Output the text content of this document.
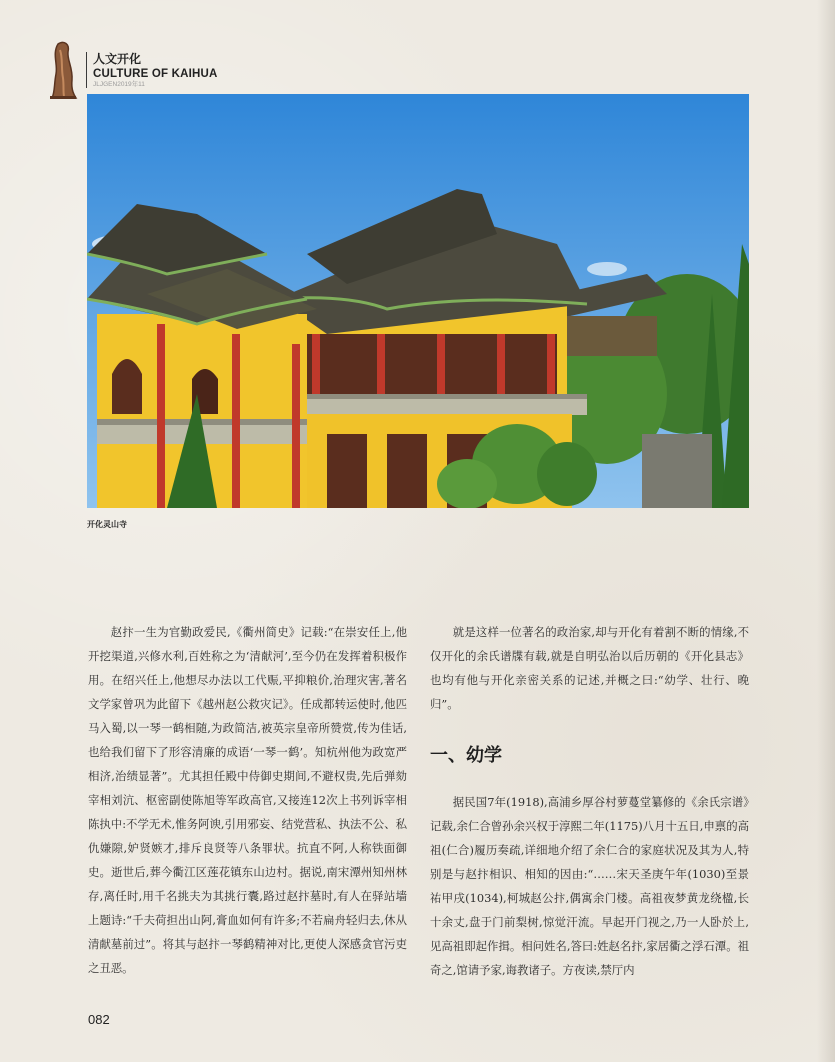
人文开化
CULTURE OF KAIHUA
JLJGEN2019年11
开化灵山寺

赵抃一生为官勤政爱民,《衢州简史》记载:“在崇安任上,他开挖渠道,兴修水利,百姓称之为‘清献河’,至今仍在发挥着积极作用。在绍兴任上,他想尽办法以工代赈,平抑粮价,治理灾害,著名文学家曾巩为此留下《越州赵公救灾记》。任成都转运使时,他匹马入蜀,以一琴一鹤相随,为政简洁,被英宗皇帝所赞赏,传为佳话,也给我们留下了形容清廉的成语‘一琴一鹤’。知杭州他为政宽严相济,治绩显著”。尤其担任殿中侍御史期间,不避权贵,先后弹劾宰相刘沆、枢密副使陈旭等军政高官,又接连12次上书列诉宰相陈执中:不学无术,惟务阿谀,引用邪妄、结党营私、执法不公、私仇嫌隙,妒贤嫉才,排斥良贤等八条罪状。抗直不阿,人称铁面御史。逝世后,葬今衢江区莲花镇东山边村。据说,南宋潭州知州林存,离任时,用千名挑夫为其挑行囊,路过赵抃墓时,有人在驿站墙上题诗:“千夫荷担出山阿,膏血如何有许多;不若扁舟轻归去,休从清献墓前过”。将其与赵抃一琴鹤精神对比,更使人深感贪官污吏之丑恶。

就是这样一位著名的政治家,却与开化有着割不断的情缘,不仅开化的余氏谱牒有载,就是自明弘治以后历朝的《开化县志》也均有他与开化亲密关系的记述,并概之曰:“幼学、壮行、晚归”。

一、幼学

据民国7年(1918),高浦乡厚谷村萝蔓堂纂修的《余氏宗谱》记载,余仁合曾孙余兴权于淳熙二年(1175)八月十五日,申禀的高祖(仁合)履历奏疏,详细地介绍了余仁合的家庭状况及其为人,特别是与赵抃相识、相知的因由:“……宋天圣庚午年(1030)至景祐甲戌(1034),柯城赵公抃,偶寓余门楼。高祖夜梦黄龙绕楹,长十余丈,盘于门前梨树,惊觉汗流。早起开门视之,乃一人卧於上,见高祖即起作揖。相问姓名,答曰:姓赵名抃,家居衢之浮石潭。祖奇之,馆请予家,诲教诸子。方夜读,禁厅内

082
